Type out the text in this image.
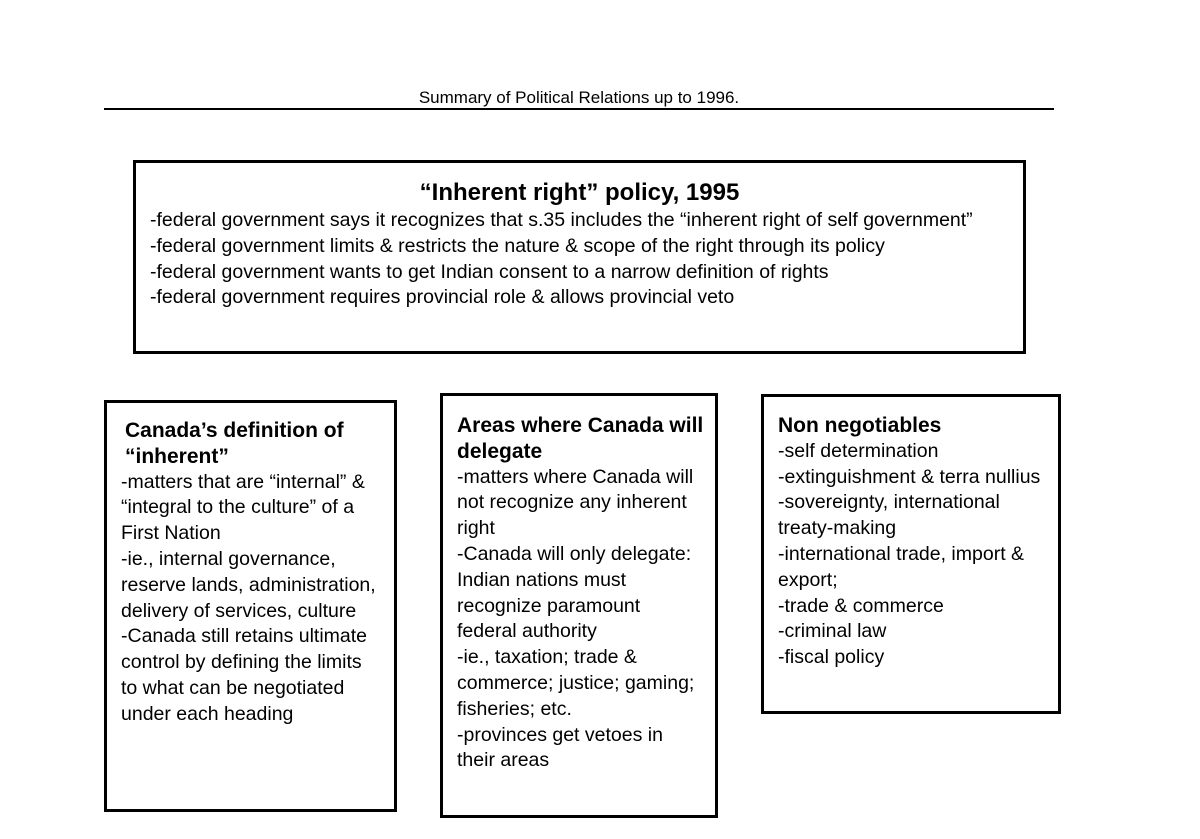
Summary of Political Relations up to 1996.

“Inherent right” policy, 1995

-federal government says it recognizes that s.35 includes the “inherent right of self government”

-federal government limits & restricts the nature & scope of the right through its policy

-federal government wants to get Indian consent to a narrow definition of rights

-federal government requires provincial role & allows provincial veto

Canada’s definition of “inherent”

-matters that are “internal” & “integral to the culture” of a First Nation

-ie., internal governance, reserve lands, administration, delivery of services, culture

-Canada still retains ultimate control by defining the limits to what can be negotiated under each heading

Areas where Canada will delegate

-matters where Canada will not recognize any inherent right

-Canada will only delegate: Indian nations must recognize paramount federal authority

-ie., taxation; trade & commerce; justice; gaming; fisheries; etc.

-provinces get vetoes in their areas

Non negotiables

-self determination

-extinguishment & terra nullius

-sovereignty, international treaty-making

-international trade, import & export;

-trade & commerce

-criminal law

-fiscal policy
